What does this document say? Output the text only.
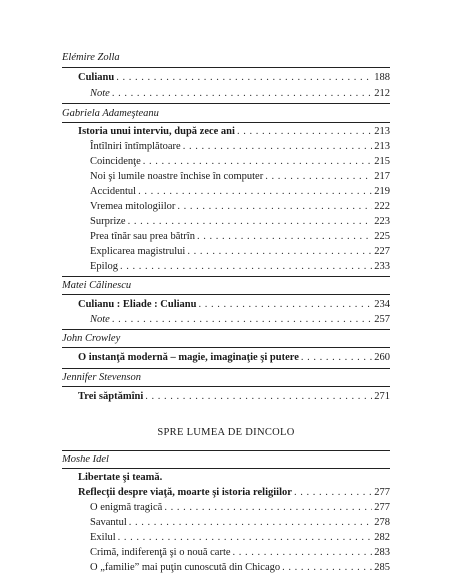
Elémire Zolla
Culianu . . .	188
Note . . .	212
Gabriela Adameşteanu
Istoria unui interviu, după zece ani . . .	213
Întîlniri întîmplătoare . . .	213
Coincidenţe . . .	215
Noi şi lumile noastre închise în computer . . .	217
Accidentul . . .	219
Vremea mitologiilor . . .	222
Surprize . . .	223
Prea tînăr sau prea bătrîn . . .	225
Explicarea magistrului . . .	227
Epilog . . .	233
Matei Călinescu
Culianu : Eliade : Culianu . . .	234
Note . . .	257
John Crowley
O instanţă modernă – magie, imaginaţie şi putere . . .	260
Jennifer Stevenson
Trei săptămîni . . .	271
SPRE LUMEA DE DINCOLO
Moshe Idel
Libertate şi teamă.
Reflecţii despre viaţă, moarte şi istoria religiilor . . .	277
O enigmă tragică . . .	277
Savantul . . .	278
Exilul . . .	282
Crimă, indiferenţă şi o nouă carte . . .	283
O „familie” mai puţin cunoscută din Chicago . . .	285
